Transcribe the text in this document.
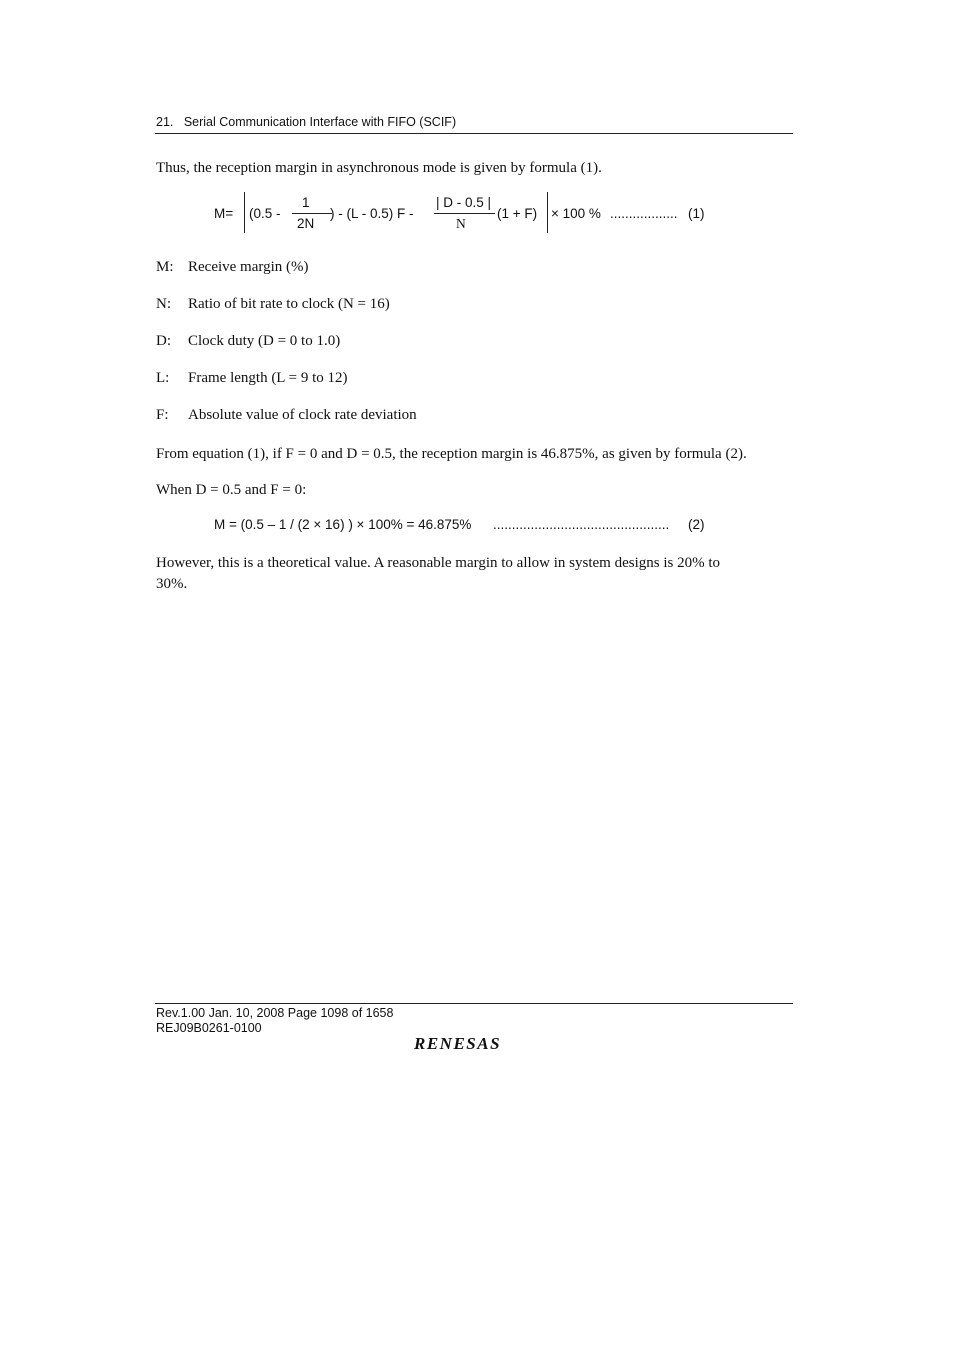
21. Serial Communication Interface with FIFO (SCIF)
Thus, the reception margin in asynchronous mode is given by formula (1).
M= (0.5 -
1
2N
) - (L - 0.5) F -
| D - 0.5 |
N
(1 + F) × 100 % .................. (1)
M: Receive margin (%)
N: Ratio of bit rate to clock (N = 16)
D: Clock duty (D = 0 to 1.0)
L: Frame length (L = 9 to 12)
F: Absolute value of clock rate deviation
From equation (1), if F = 0 and D = 0.5, the reception margin is 46.875%, as given by formula (2).
When D = 0.5 and F = 0:
M = (0.5 – 1 / (2 × 16) ) × 100% = 46.875% ............................................... (2)
However, this is a theoretical value. A reasonable margin to allow in system designs is 20% to
30%.
Rev.1.00 Jan. 10, 2008 Page 1098 of 1658
REJ09B0261-0100
RENESAS
